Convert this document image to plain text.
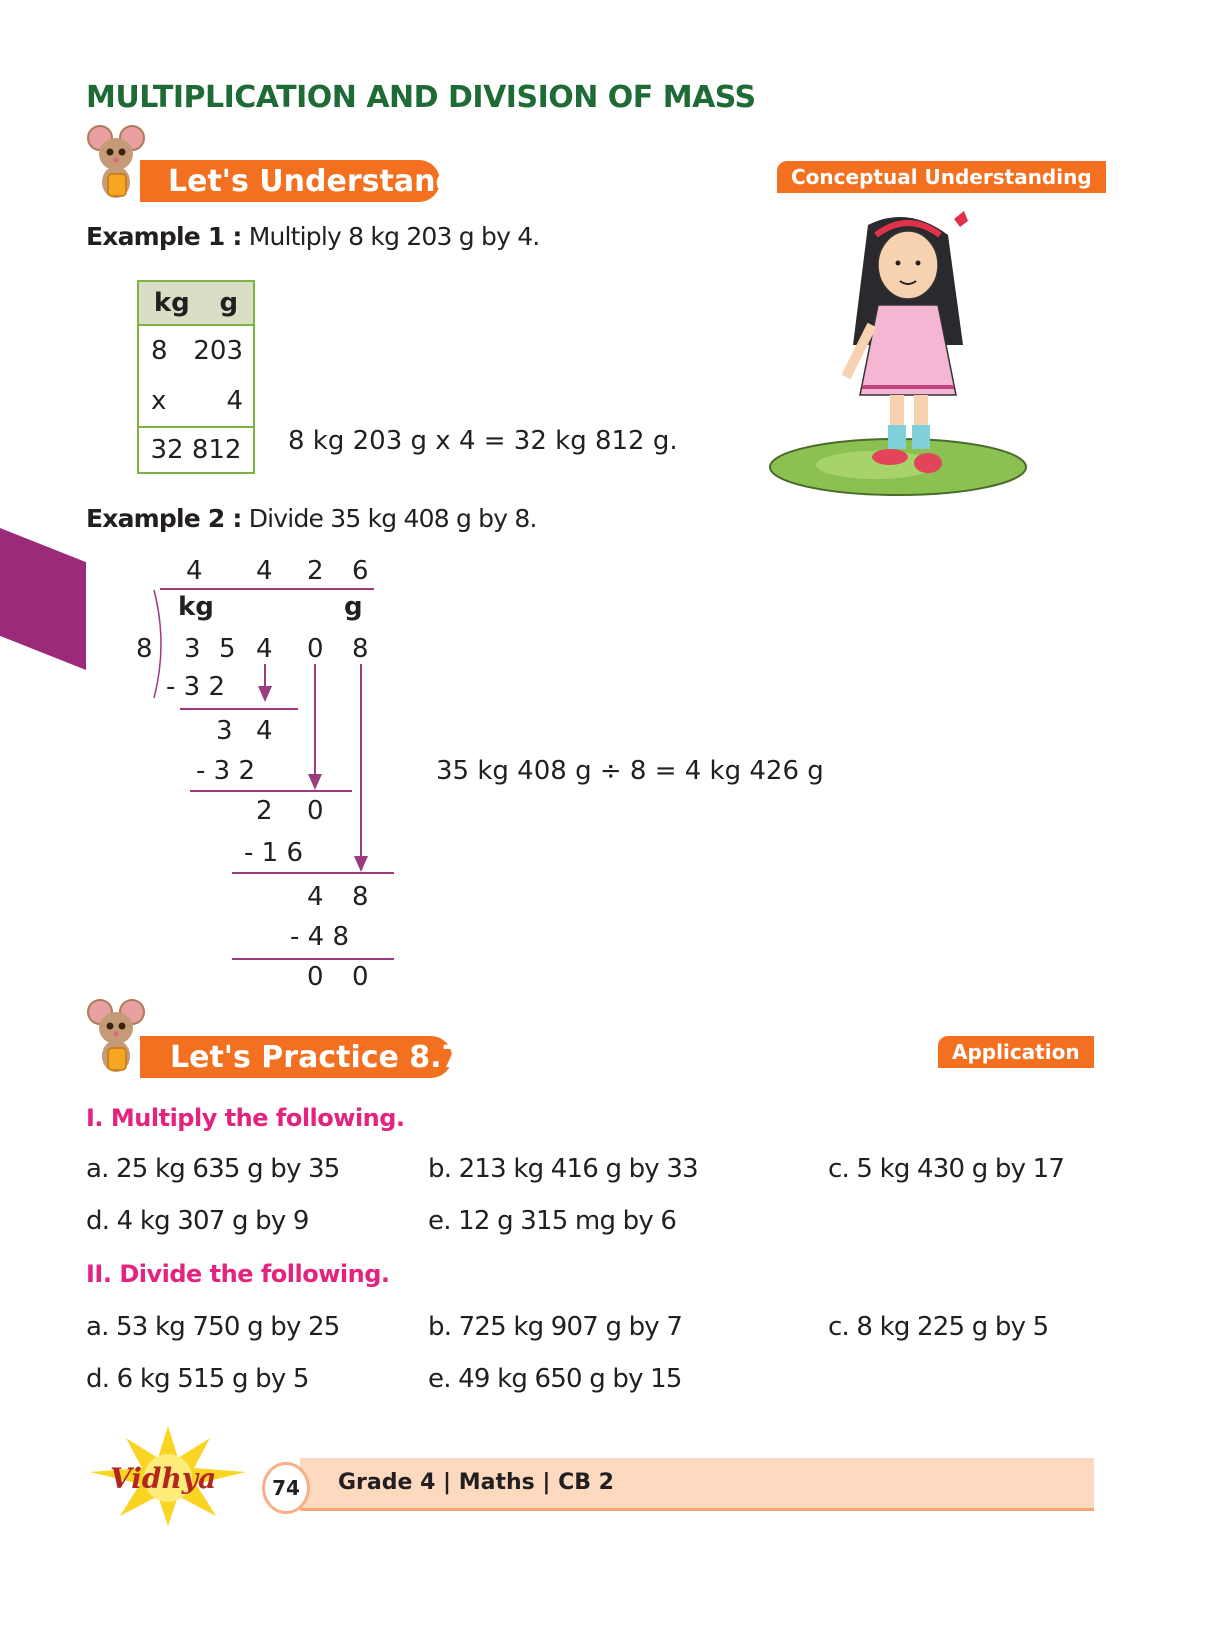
MULTIPLICATION AND DIVISION OF MASS
Let's Understand	Conceptual Understanding
Example 1 : Multiply 8 kg 203 g by 4.
kg g
8 203
x 4
32 812	8 kg 203 g x 4 = 32 kg 812 g.
Example 2 : Divide 35 kg 408 g by 8.
4 4 2 6
kg	g
8 3 5 4 0 8
- 3 2
3 4
- 3 2
2 0
- 1 6
4 8
- 4 8
0 0
35 kg 408 g ÷ 8 = 4 kg 426 g
Let's Practice 8.7	Application
I. Multiply the following.
a. 25 kg 635 g by 35	b. 213 kg 416 g by 33	c. 5 kg 430 g by 17
d. 4 kg 307 g by 9	e. 12 g 315 mg by 6
II. Divide the following.
a. 53 kg 750 g by 25	b. 725 kg 907 g by 7	c. 8 kg 225 g by 5
d. 6 kg 515 g by 5	e. 49 kg 650 g by 15
Vidhya	74	Grade 4 | Maths | CB 2
